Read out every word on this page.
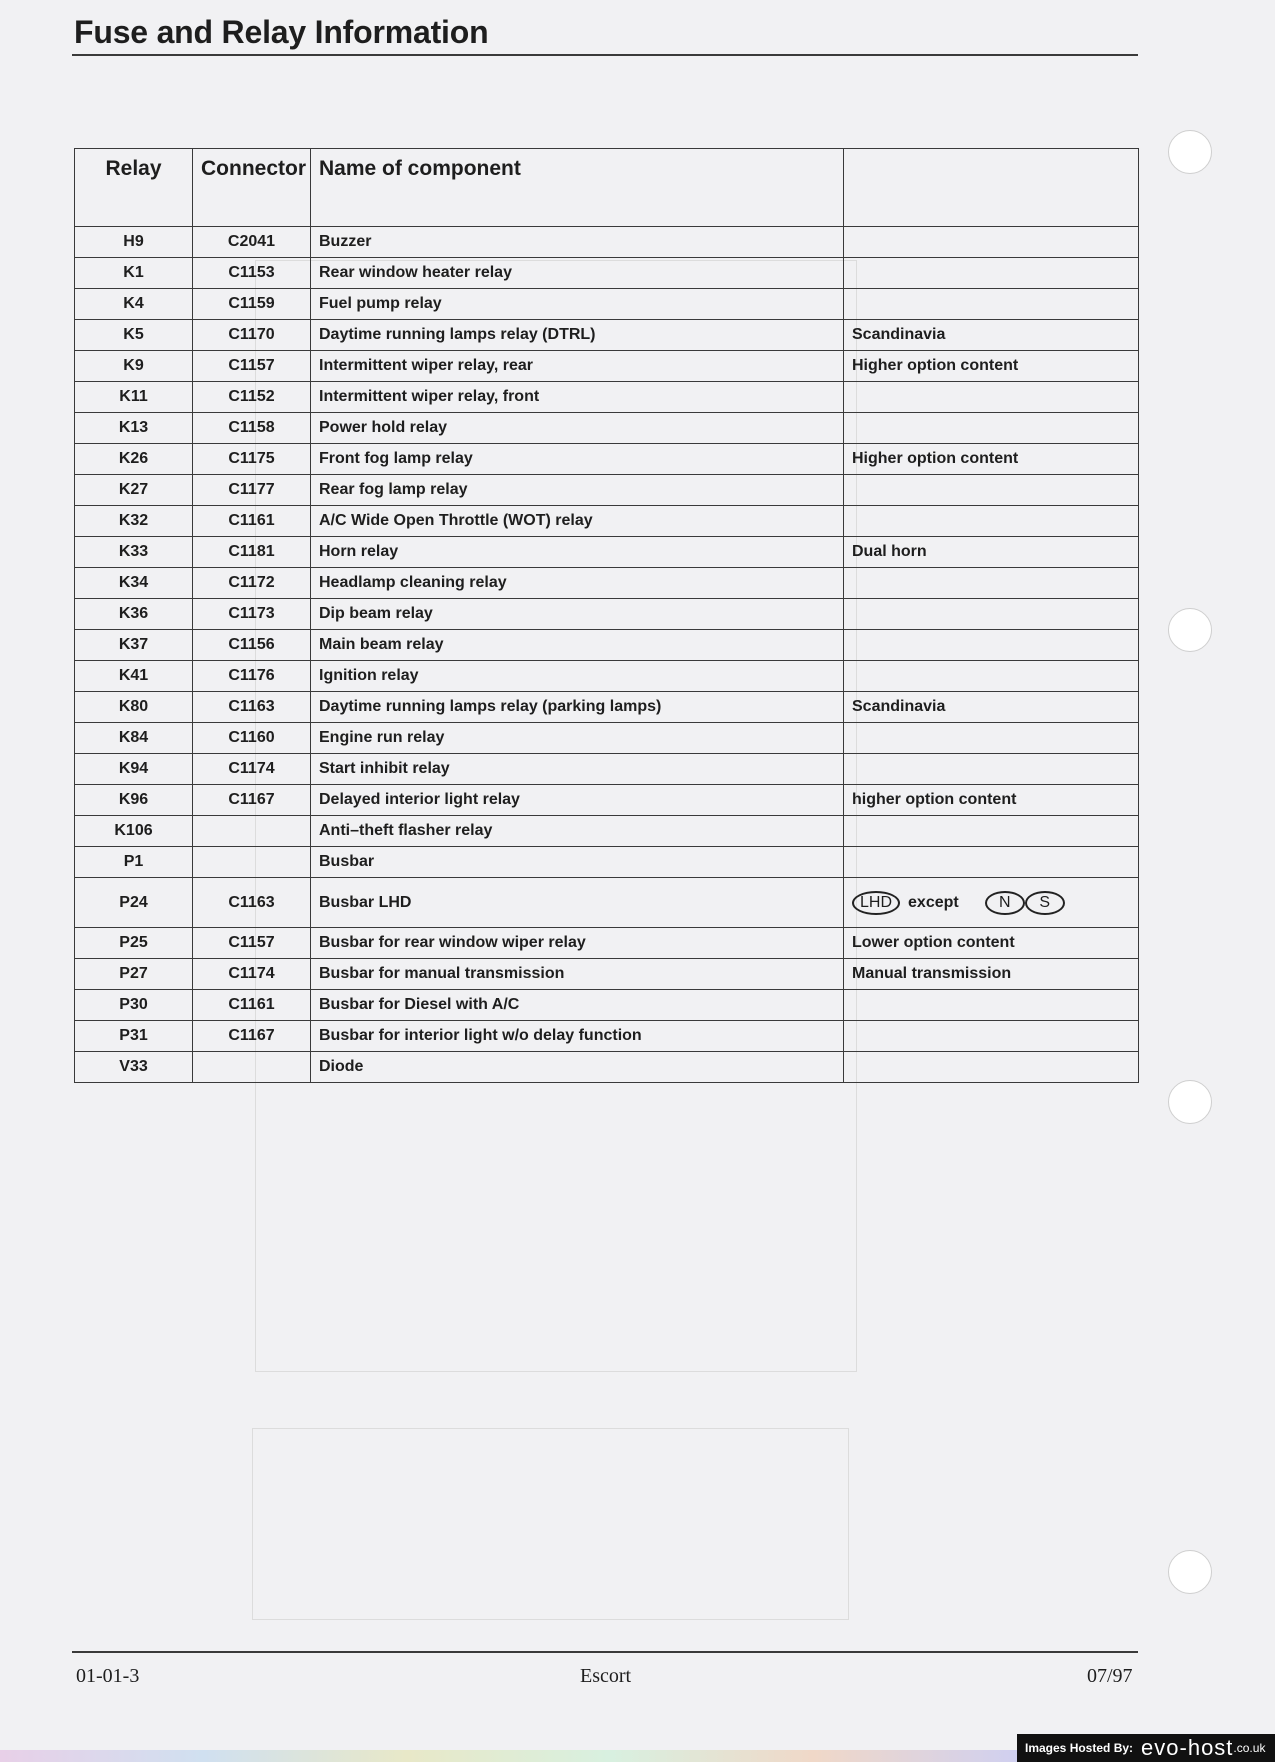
Fuse and Relay Information
Relay	Connector	Name of component	
H9	C2041	Buzzer	
K1	C1153	Rear window heater relay	
K4	C1159	Fuel pump relay	
K5	C1170	Daytime running lamps relay (DTRL)	Scandinavia
K9	C1157	Intermittent wiper relay, rear	Higher option content
K11	C1152	Intermittent wiper relay, front	
K13	C1158	Power hold relay	
K26	C1175	Front fog lamp relay	Higher option content
K27	C1177	Rear fog lamp relay	
K32	C1161	A/C Wide Open Throttle (WOT) relay	
K33	C1181	Horn relay	Dual horn
K34	C1172	Headlamp cleaning relay	
K36	C1173	Dip beam relay	
K37	C1156	Main beam relay	
K41	C1176	Ignition relay	
K80	C1163	Daytime running lamps relay (parking lamps)	Scandinavia
K84	C1160	Engine run relay	
K94	C1174	Start inhibit relay	
K96	C1167	Delayed interior light relay	higher option content
K106		Anti–theft flasher relay	
P1		Busbar	
P24	C1163	Busbar LHD	LHD except N S
P25	C1157	Busbar for rear window wiper relay	Lower option content
P27	C1174	Busbar for manual transmission	Manual transmission
P30	C1161	Busbar for Diesel with A/C	
P31	C1167	Busbar for interior light w/o delay function	
V33		Diode	
01-01-3	Escort	07/97
Images Hosted By: evo-host .co.uk
